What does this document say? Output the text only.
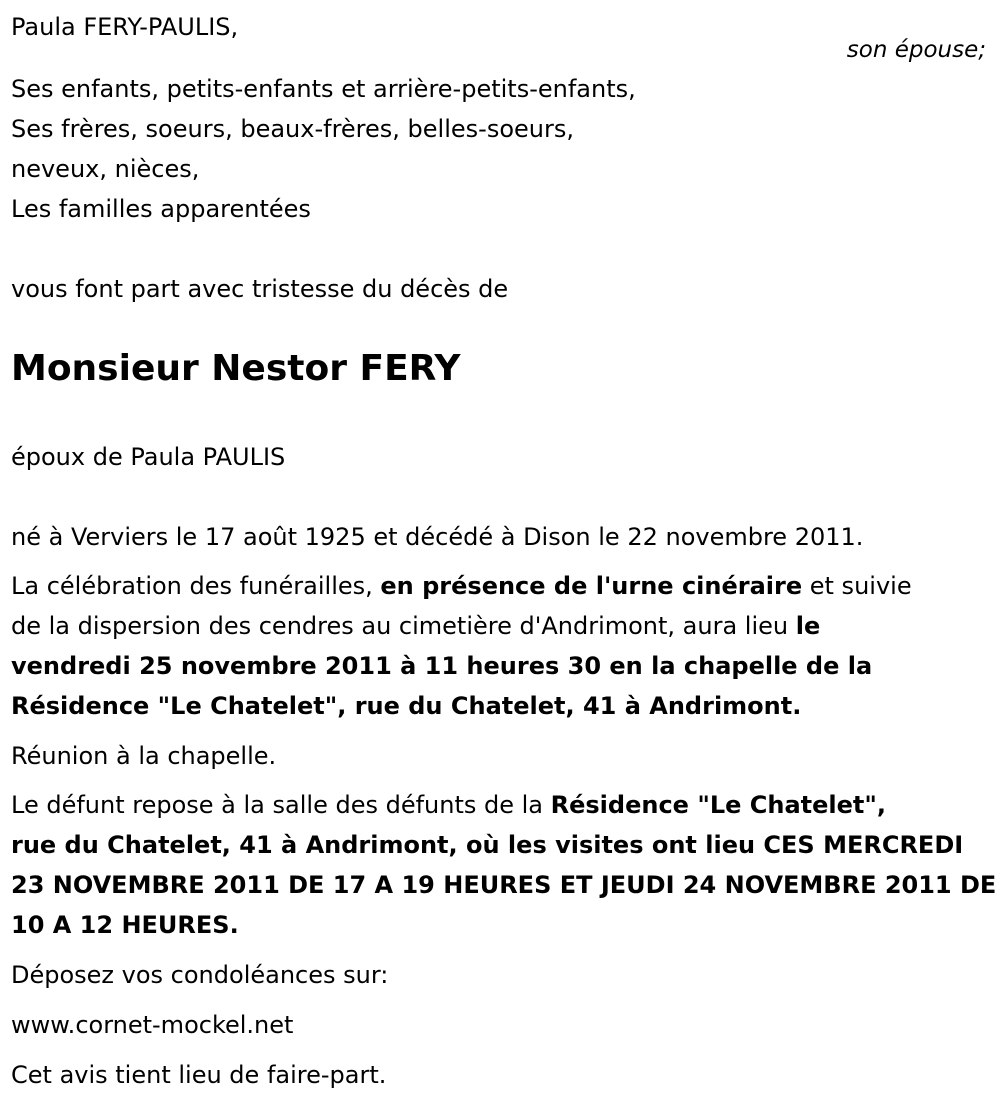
Paula FERY-PAULIS,
son épouse;
Ses enfants, petits-enfants et arrière-petits-enfants,
Ses frères, soeurs, beaux-frères, belles-soeurs,
neveux, nièces,
Les familles apparentées
vous font part avec tristesse du décès de
Monsieur Nestor FERY
époux de Paula PAULIS
né à Verviers le 17 août 1925 et décédé à Dison le 22 novembre 2011.
La célébration des funérailles, en présence de l'urne cinéraire et suivie
de la dispersion des cendres au cimetière d'Andrimont, aura lieu le
vendredi 25 novembre 2011 à 11 heures 30 en la chapelle de la
Résidence "Le Chatelet", rue du Chatelet, 41 à Andrimont.
Réunion à la chapelle.
Le défunt repose à la salle des défunts de la Résidence "Le Chatelet",
rue du Chatelet, 41 à Andrimont, où les visites ont lieu CES MERCREDI
23 NOVEMBRE 2011 DE 17 A 19 HEURES ET JEUDI 24 NOVEMBRE 2011 DE
10 A 12 HEURES.
Déposez vos condoléances sur:
www.cornet-mockel.net
Cet avis tient lieu de faire-part.
